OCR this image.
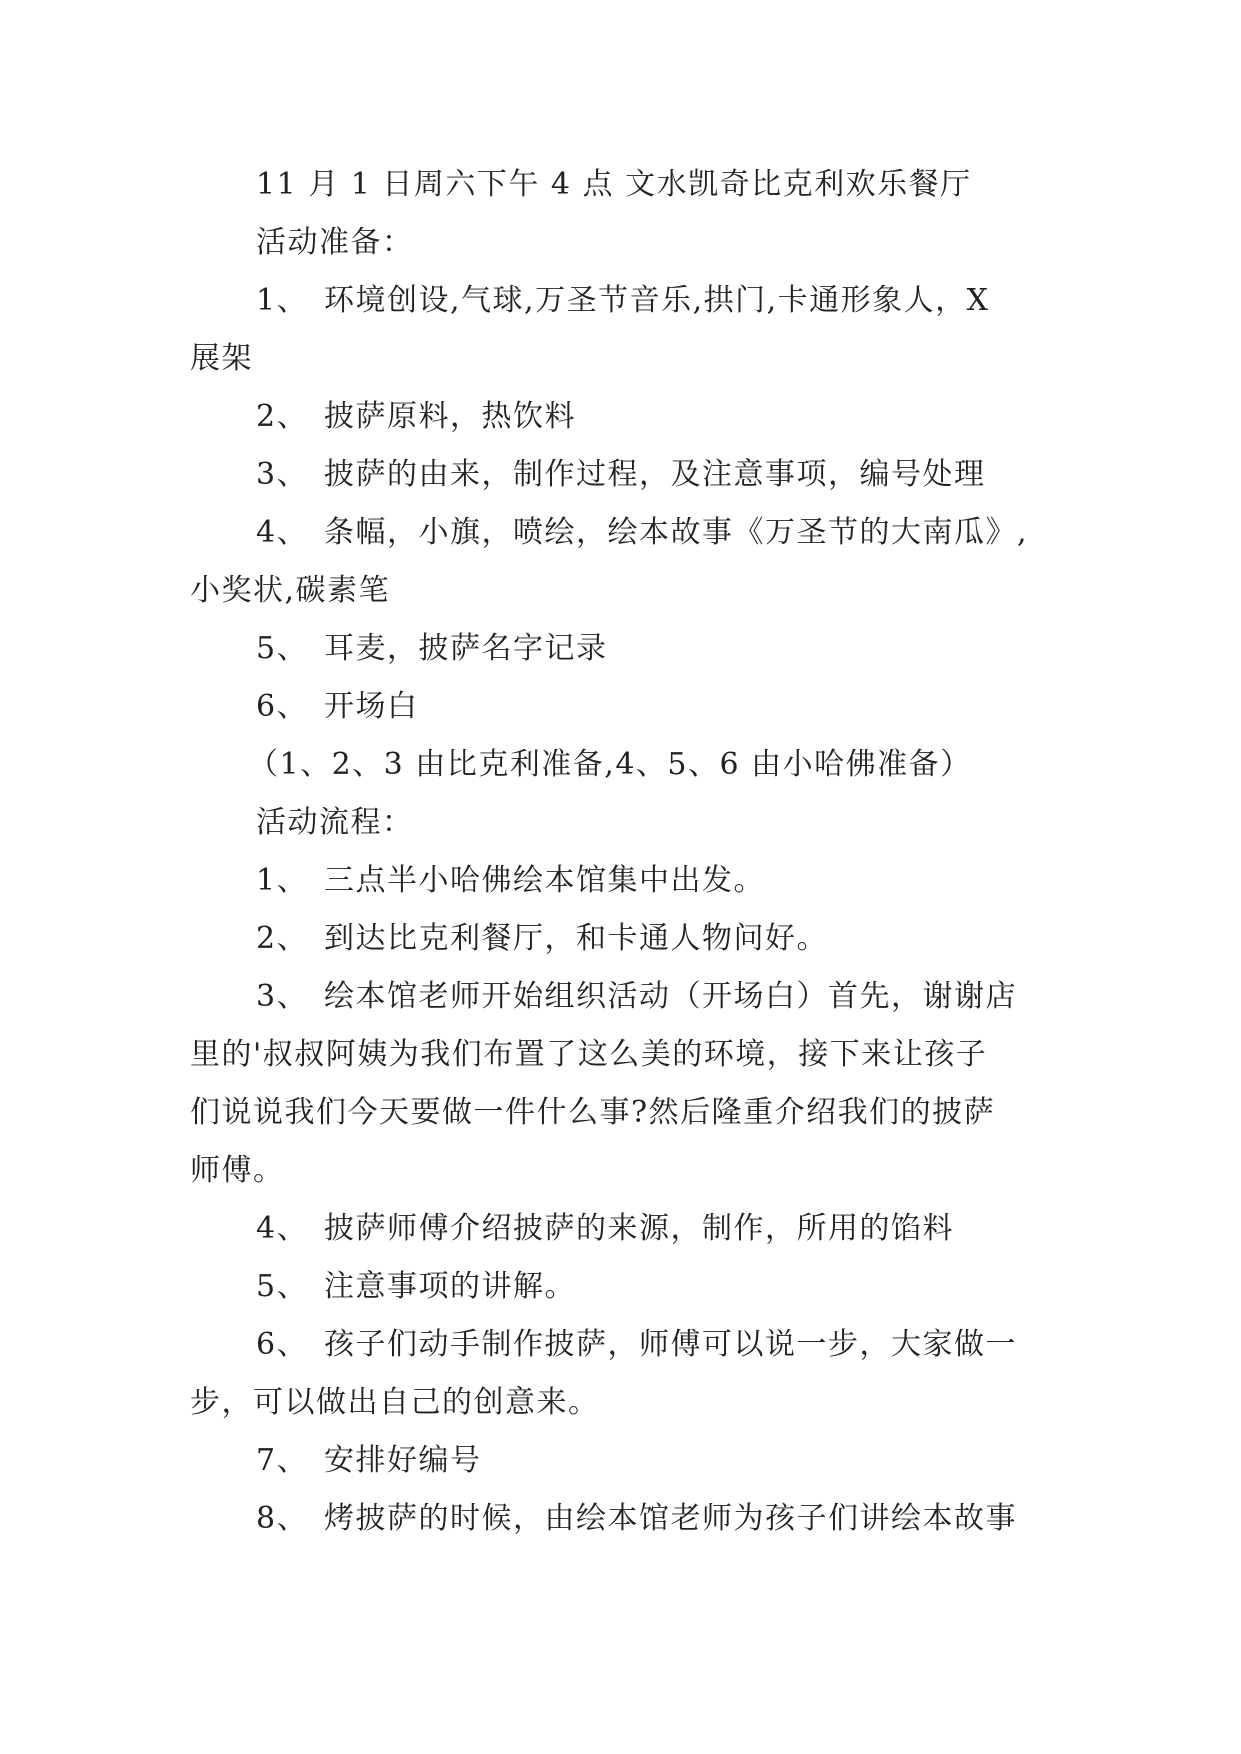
11 月 1 日周六下午 4 点 文水凯奇比克利欢乐餐厅
活动准备：
1、 环境创设,气球,万圣节音乐,拱门,卡通形象人，X
展架
2、 披萨原料，热饮料
3、 披萨的由来，制作过程，及注意事项，编号处理
4、 条幅，小旗，喷绘，绘本故事《万圣节的大南瓜》,
小奖状,碳素笔
5、 耳麦，披萨名字记录
6、 开场白
（1、2、3 由比克利准备,4、5、6 由小哈佛准备）
活动流程：
1、 三点半小哈佛绘本馆集中出发。
2、 到达比克利餐厅，和卡通人物问好。
3、 绘本馆老师开始组织活动（开场白）首先，谢谢店
里的'叔叔阿姨为我们布置了这么美的环境，接下来让孩子
们说说我们今天要做一件什么事?然后隆重介绍我们的披萨
师傅。
4、 披萨师傅介绍披萨的来源，制作，所用的馅料
5、 注意事项的讲解。
6、 孩子们动手制作披萨，师傅可以说一步，大家做一
步，可以做出自己的创意来。
7、 安排好编号
8、 烤披萨的时候，由绘本馆老师为孩子们讲绘本故事
